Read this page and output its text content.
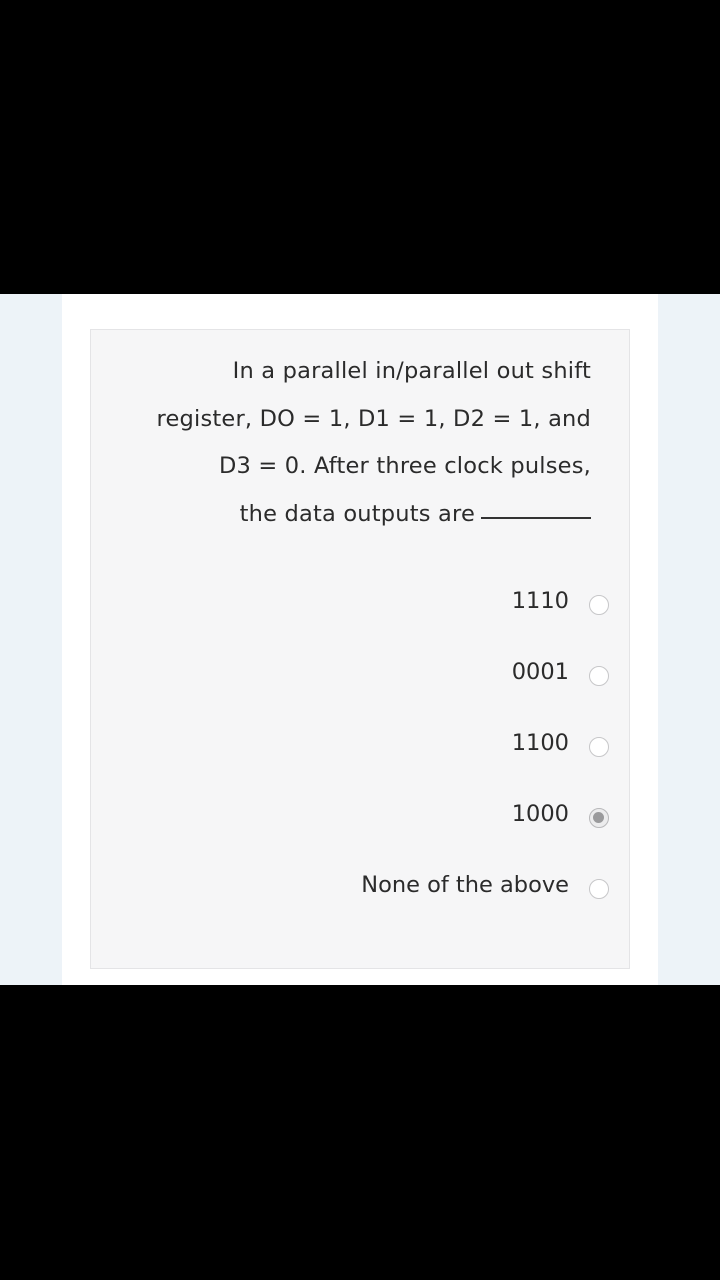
In a parallel in/parallel out shift
register, DO = 1, D1 = 1, D2 = 1, and
D3 = 0. After three clock pulses,
the data outputs are
1110
0001
1100
1000
None of the above
